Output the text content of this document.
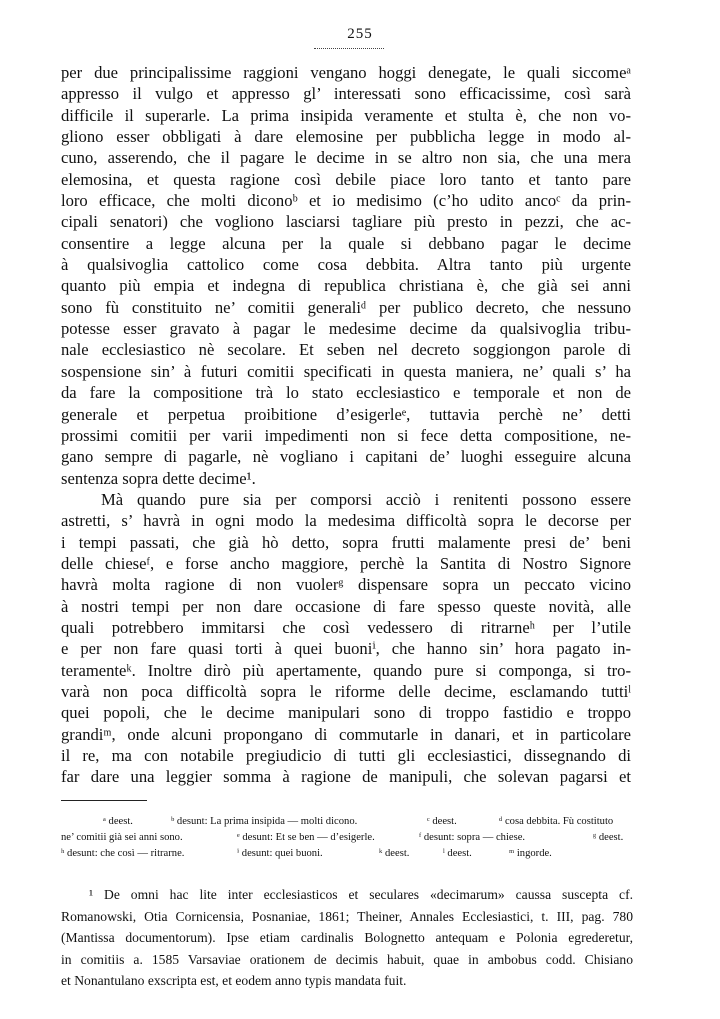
255
per due principalissime raggioni vengano hoggi denegate, le quali siccomeᵃ
appresso il vulgo et appresso gl’ interessati sono efficacissime, così sarà
difficile il superarle. La prima insipida veramente et stulta è, che non vo-
gliono esser obbligati à dare elemosine per pubblicha legge in modo al-
cuno, asserendo, che il pagare le decime in se altro non sia, che una mera
elemosina, et questa ragione così debile piace loro tanto et tanto pare
loro efficace, che molti diconoᵇ et io medisimo (c’ho udito ancoᶜ da prin-
cipali senatori) che vogliono lasciarsi tagliare più presto in pezzi, che ac-
consentire a legge alcuna per la quale si debbano pagar le decime
à qualsivoglia cattolico come cosa debbita. Altra tanto più urgente
quanto più empia et indegna di republica christiana è, che già sei anni
sono fù constituito ne’ comitii generaliᵈ per publico decreto, che nessuno
potesse esser gravato à pagar le medesime decime da qualsivoglia tribu-
nale ecclesiastico nè secolare. Et seben nel decreto soggiongon parole di
sospensione sin’ à futuri comitii specificati in questa maniera, ne’ quali s’ ha
da fare la compositione trà lo stato ecclesiastico e temporale et non de
generale et perpetua proibitione d’esigerleᵉ, tuttavia perchè ne’ detti
prossimi comitii per varii impedimenti non si fece detta compositione, ne-
gano sempre di pagarle, nè vogliano i capitani de’ luoghi esseguire alcuna
sentenza sopra dette decime¹.
Mà quando pure sia per comporsi acciò i renitenti possono essere
astretti, s’ havrà in ogni modo la medesima difficoltà sopra le decorse per
i tempi passati, che già hò detto, sopra frutti malamente presi de’ beni
delle chieseᶠ, e forse ancho maggiore, perchè la Santita di Nostro Signore
havrà molta ragione di non vuolerᵍ dispensare sopra un peccato vicino
à nostri tempi per non dare occasione di fare spesso queste novità, alle
quali potrebbero immitarsi che così vedessero di ritrarneʰ per l’utile
e per non fare quasi torti à quei buoniⁱ, che hanno sin’ hora pagato in-
teramenteᵏ. Inoltre dirò più apertamente, quando pure si componga, si tro-
varà non poca difficoltà sopra le riforme delle decime, esclamando tuttiˡ
quei popoli, che le decime manipulari sono di troppo fastidio e troppo
grandiᵐ, onde alcuni propongano di commutarle in danari, et in particolare
il re, ma con notabile pregiudicio di tutti gli ecclesiastici, dissegnando di
far dare una leggier somma à ragione de manipuli, che solevan pagarsi et
ᵃ deest.	ᵇ desunt: La prima insipida — molti dicono.	ᶜ deest.	ᵈ cosa debbita. Fù costituto
ne’ comitii già sei anni sono.	ᵉ desunt: Et se ben — d’esigerle.	ᶠ desunt: sopra — chiese.	ᵍ deest.
ʰ desunt: che così — ritrarne.	ⁱ desunt: quei buoni.	ᵏ deest.	ˡ deest.	ᵐ ingorde.
¹ De omni hac lite inter ecclesiasticos et seculares «decimarum» caussa suscepta cf.
Romanowski, Otia Cornicensia, Posnaniae, 1861; Theiner, Annales Ecclesiastici, t. III, pag. 780
(Mantissa documentorum). Ipse etiam cardinalis Bolognetto antequam e Polonia egrederetur,
in comitiis a. 1585 Varsaviae orationem de decimis habuit, quae in ambobus codd. Chisiano
et Nonantulano exscripta est, et eodem anno typis mandata fuit.
